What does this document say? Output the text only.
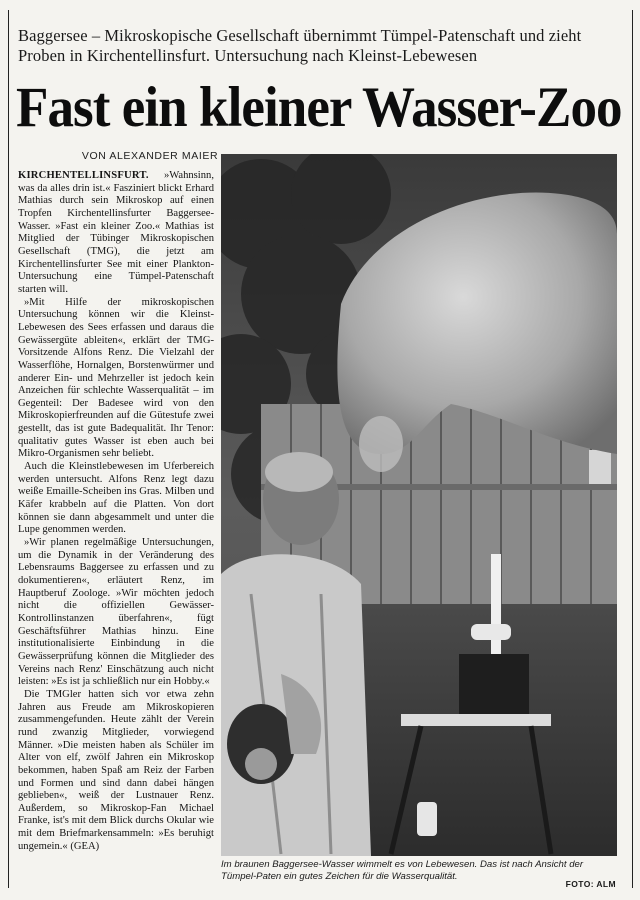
Baggersee – Mikroskopische Gesellschaft übernimmt Tümpel-Patenschaft und zieht Proben in Kirchentellinsfurt. Untersuchung nach Kleinst-Lebewesen
Fast ein kleiner Wasser-Zoo
VON ALEXANDER MAIER

KIRCHENTELLINSFURT. »Wahnsinn, was da alles drin ist.« Fasziniert blickt Erhard Mathias durch sein Mikroskop auf einen Tropfen Kirchentellinsfurter Baggersee-Wasser. »Fast ein kleiner Zoo.« Mathias ist Mitglied der Tübinger Mikroskopischen Gesellschaft (TMG), die jetzt am Kirchentellinsfurter See mit einer Plankton-Untersuchung eine Tümpel-Patenschaft starten will.

»Mit Hilfe der mikroskopischen Untersuchung können wir die Kleinst-Lebewesen des Sees erfassen und daraus die Gewässergüte ableiten«, erklärt der TMG-Vorsitzende Alfons Renz. Die Vielzahl der Wasserflöhe, Hornalgen, Borstenwürmer und anderer Ein- und Mehrzeller ist jedoch kein Anzeichen für schlechte Wasserqualität – im Gegenteil: Der Badesee wird von den Mikroskopierfreunden auf die Gütestufe zwei gestellt, das ist gute Badequalität. Ihr Tenor: qualitativ gutes Wasser ist eben auch bei Mikro-Organismen sehr beliebt.

Auch die Kleinstlebewesen im Uferbereich werden untersucht. Alfons Renz legt dazu weiße Emaille-Scheiben ins Gras. Milben und Käfer krabbeln auf die Platten. Von dort können sie dann abgesammelt und unter die Lupe genommen werden.

»Wir planen regelmäßige Untersuchungen, um die Dynamik in der Veränderung des Lebensraums Baggersee zu erfassen und zu dokumentieren«, erläutert Renz, im Hauptberuf Zoologe. »Wir möchten jedoch nicht die offiziellen Gewässer-Kontrollinstanzen überfahren«, fügt Geschäftsführer Mathias hinzu. Eine institutionalisierte Einbindung in die Gewässerprüfung können die Mitglieder des Vereins nach Renz' Einschätzung auch nicht leisten: »Es ist ja schließlich nur ein Hobby.«

Die TMGler hatten sich vor etwa zehn Jahren aus Freude am Mikroskopieren zusammengefunden. Heute zählt der Verein rund zwanzig Mitglieder, vorwiegend Männer. »Die meisten haben als Schüler im Alter von elf, zwölf Jahren ein Mikroskop bekommen, haben Spaß am Reiz der Farben und Formen und sind dann dabei hängen geblieben«, weiß der Lustnauer Renz. Außerdem, so Mikroskop-Fan Michael Franke, ist's mit dem Blick durchs Okular wie mit dem Briefmarkensammeln: »Es beruhigt ungemein.« (GEA)

Im braunen Baggersee-Wasser wimmelt es von Lebewesen. Das ist nach Ansicht der Tümpel-Paten ein gutes Zeichen für die Wasserqualität.
FOTO: ALM
